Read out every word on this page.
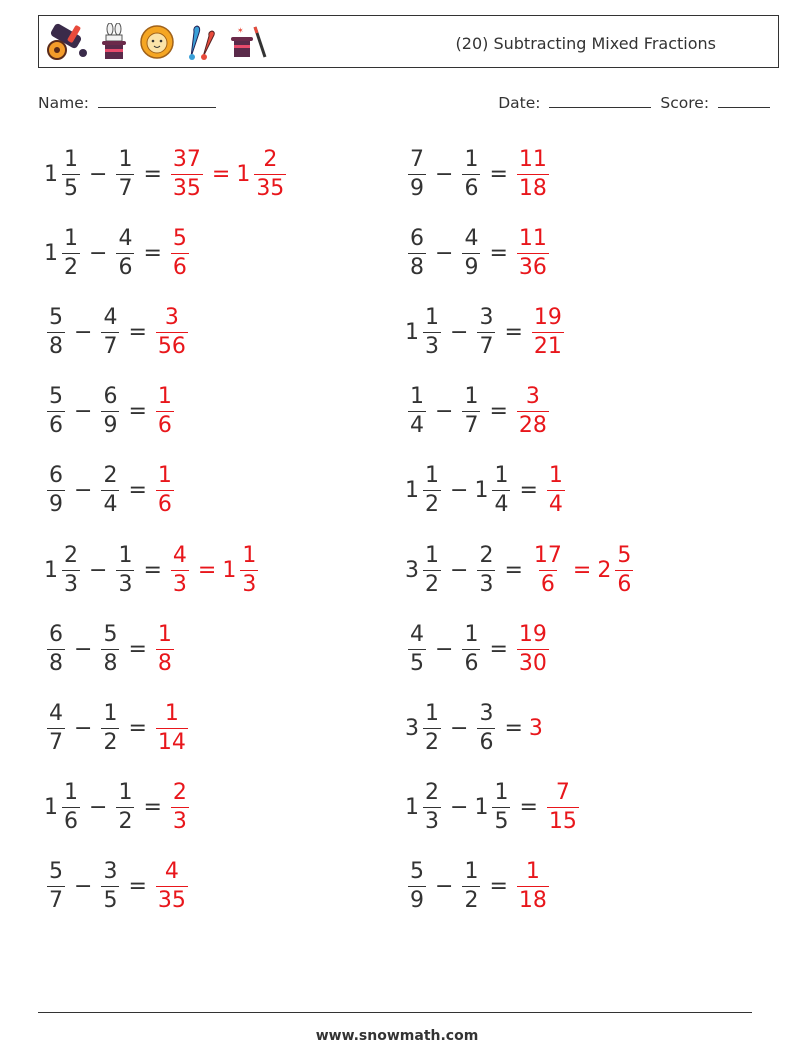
✶
(20) Subtracting Mixed Fractions
Name:	Date:	Score:
$1 \frac{1}{5} - \frac{1}{7} = \frac{37}{35} = 1 \frac{2}{35}$	$\frac{7}{9} - \frac{1}{6} = \frac{11}{18}$
$1 \frac{1}{2} - \frac{4}{6} = \frac{5}{6}$	$\frac{6}{8} - \frac{4}{9} = \frac{11}{36}$
$\frac{5}{8} - \frac{4}{7} = \frac{3}{56}$	$1 \frac{1}{3} - \frac{3}{7} = \frac{19}{21}$
$\frac{5}{6} - \frac{6}{9} = \frac{1}{6}$	$\frac{1}{4} - \frac{1}{7} = \frac{3}{28}$
$\frac{6}{9} - \frac{2}{4} = \frac{1}{6}$	$1 \frac{1}{2} - 1 \frac{1}{4} = \frac{1}{4}$
$1 \frac{2}{3} - \frac{1}{3} = \frac{4}{3} = 1 \frac{1}{3}$	$3 \frac{1}{2} - \frac{2}{3} = \frac{17}{6} = 2 \frac{5}{6}$
$\frac{6}{8} - \frac{5}{8} = \frac{1}{8}$	$\frac{4}{5} - \frac{1}{6} = \frac{19}{30}$
$\frac{4}{7} - \frac{1}{2} = \frac{1}{14}$	$3 \frac{1}{2} - \frac{3}{6} = 3$
$1 \frac{1}{6} - \frac{1}{2} = \frac{2}{3}$	$1 \frac{2}{3} - 1 \frac{1}{5} = \frac{7}{15}$
$\frac{5}{7} - \frac{3}{5} = \frac{4}{35}$	$\frac{5}{9} - \frac{1}{2} = \frac{1}{18}$
www.snowmath.com
